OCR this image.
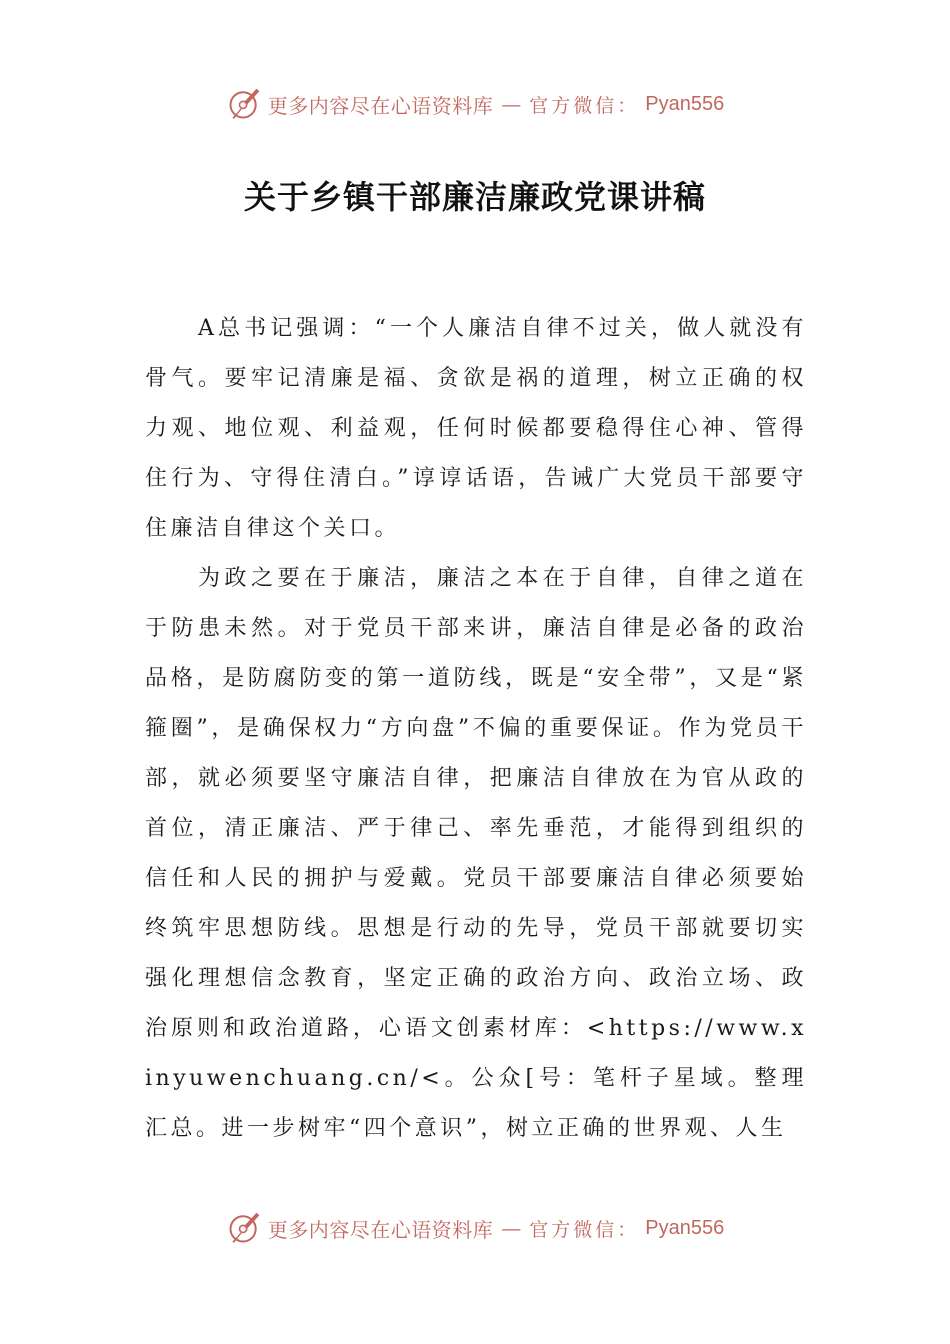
更多内容尽在心语资料库 — 官方微信： Pyan556
关于乡镇干部廉洁廉政党课讲稿

A总书记强调：“一个人廉洁自律不过关，做人就没有骨气。要牢记清廉是福、贪欲是祸的道理，树立正确的权力观、地位观、利益观，任何时候都要稳得住心神、管得住行为、守得住清白。”谆谆话语，告诫广大党员干部要守住廉洁自律这个关口。

为政之要在于廉洁，廉洁之本在于自律，自律之道在于防患未然。对于党员干部来讲，廉洁自律是必备的政治品格，是防腐防变的第一道防线，既是“安全带”，又是“紧箍圈”，是确保权力“方向盘”不偏的重要保证。作为党员干部，就必须要坚守廉洁自律，把廉洁自律放在为官从政的首位，清正廉洁、严于律己、率先垂范，才能得到组织的信任和人民的拥护与爱戴。党员干部要廉洁自律必须要始终筑牢思想防线。思想是行动的先导，党员干部就要切实强化理想信念教育，坚定正确的政治方向、政治立场、政治原则和政治道路，心语文创素材库：<https://www.xinyuwenchuang.cn/<。公众[号：笔杆子星域。整理汇总。进一步树牢“四个意识”，树立正确的世界观、人生

更多内容尽在心语资料库 — 官方微信： Pyan556
